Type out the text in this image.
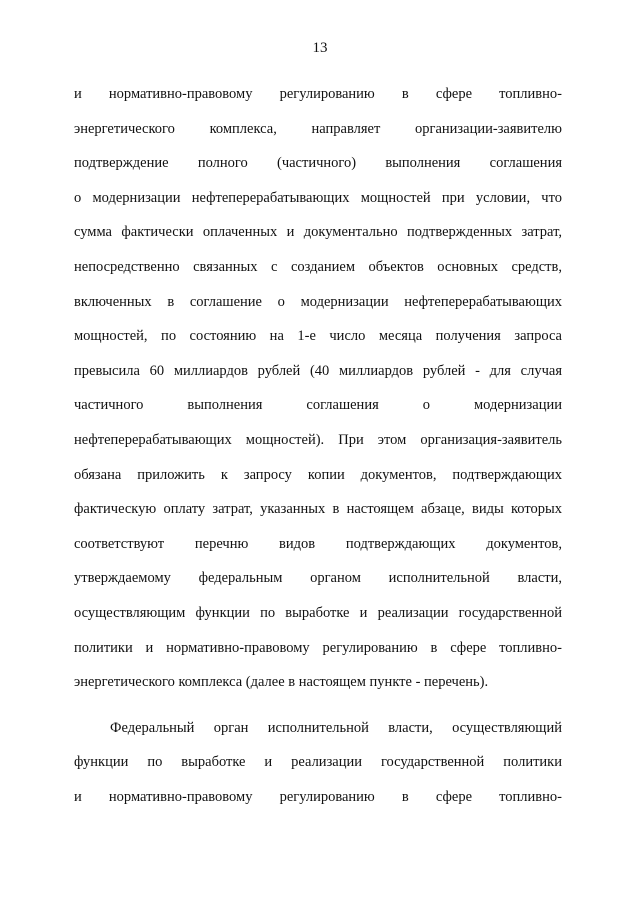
13
и нормативно-правовому регулированию в сфере топливно-
энергетического комплекса, направляет организации-заявителю
подтверждение полного (частичного) выполнения соглашения
о модернизации нефтеперерабатывающих мощностей при условии, что
сумма фактически оплаченных и документально подтвержденных затрат,
непосредственно связанных с созданием объектов основных средств,
включенных в соглашение о модернизации нефтеперерабатывающих
мощностей, по состоянию на 1-е число месяца получения запроса
превысила 60 миллиардов рублей (40 миллиардов рублей - для случая
частичного выполнения соглашения о модернизации
нефтеперерабатывающих мощностей). При этом организация-заявитель
обязана приложить к запросу копии документов, подтверждающих
фактическую оплату затрат, указанных в настоящем абзаце, виды которых
соответствуют перечню видов подтверждающих документов,
утверждаемому федеральным органом исполнительной власти,
осуществляющим функции по выработке и реализации государственной
политики и нормативно-правовому регулированию в сфере топливно-
энергетического комплекса (далее в настоящем пункте - перечень).
Федеральный орган исполнительной власти, осуществляющий
функции по выработке и реализации государственной политики
и нормативно-правовому регулированию в сфере топливно-
